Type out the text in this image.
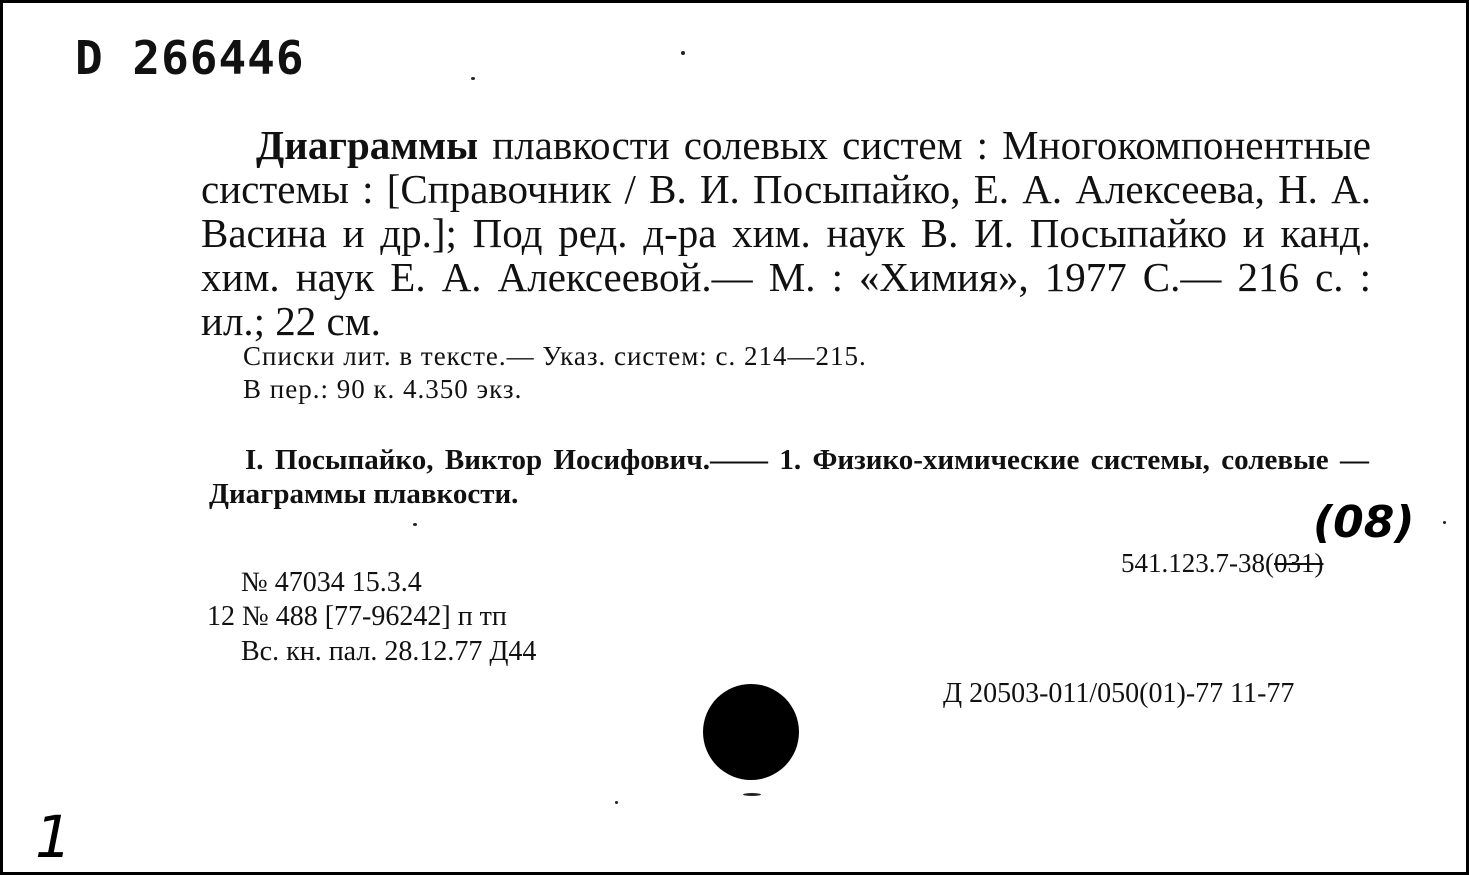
D 266446

Диаграммы плавкости солевых систем : Многокомпонентные системы : [Справочник / В. И. Посыпайко, Е. А. Алексеева, Н. А. Васина и др.]; Под ред. д-ра хим. наук В. И. Посыпайко и канд. хим. наук Е. А. Алексеевой.— М. : «Химия», 1977 С.— 216 с. : ил.; 22 см.

Списки лит. в тексте.— Указ. систем: с. 214—215.

В пер.: 90 к. 4.350 экз.

I. Посыпайко, Виктор Иосифович.—— 1. Физико-химические системы, солевые — Диаграммы плавкости.

541.123.7-38(031)

(08)

№ 47034 15.3.4

12 № 488 [77-96242] п тп

Вс. кн. пал. 28.12.77 Д44

Д 20503-011/050(01)-77 11-77

1
